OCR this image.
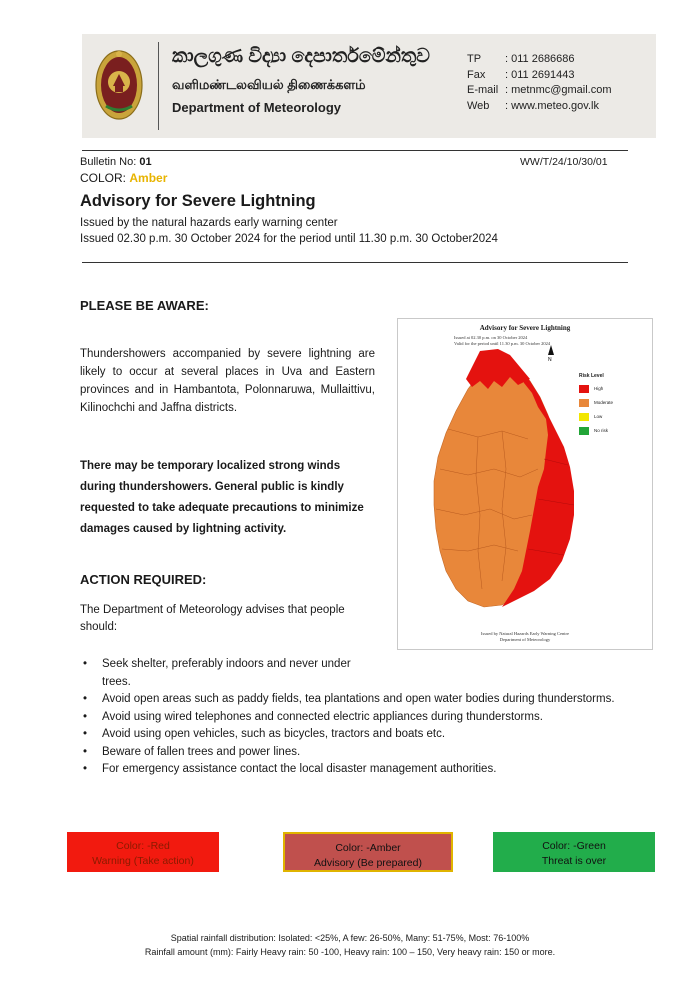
කාලගුණ විද්‍යා දෙපාර්තමේන්තුව
வளிமண்டலவியல் திணைக்களம்
Department of Meteorology
TP	: 011 2686686
Fax	: 011 2691443
E-mail : metnmc@gmail.com
Web	: www.meteo.gov.lk
Bulletin No: 01	WW/T/24/10/30/01
COLOR: Amber
Advisory for Severe Lightning
Issued by the natural hazards early warning center
Issued 02.30 p.m. 30 October 2024 for the period until 11.30 p.m. 30 October2024
PLEASE BE AWARE:
Thundershowers accompanied by severe lightning are likely to occur at several places in Uva and Eastern provinces and in Hambantota, Polonnaruwa, Mullaittivu, Kilinochchi and Jaffna districts.
There may be temporary localized strong winds during thundershowers. General public is kindly requested to take adequate precautions to minimize damages caused by lightning activity.
Advisory for Severe Lightning
Issued at 02.30 p.m. on 30 October 2024
Valid for the period until 11.30 p.m. 30 October 2024
N
Risk Level
High
Moderate
Low
No risk
Issued by Natural Hazards Early Warning Centre
Department of Meteorology
ACTION REQUIRED:
The Department of Meteorology advises that people should:
• Seek shelter, preferably indoors and never under trees.
• Avoid open areas such as paddy fields, tea plantations and open water bodies during thunderstorms.
• Avoid using wired telephones and connected electric appliances during thunderstorms.
• Avoid using open vehicles, such as bicycles, tractors and boats etc.
• Beware of fallen trees and power lines.
• For emergency assistance contact the local disaster management authorities.
Color: -Red
Warning (Take action)
Color: -Amber
Advisory (Be prepared)
Color: -Green
Threat is over
Spatial rainfall distribution: Isolated: <25%, A few: 26-50%, Many: 51-75%, Most: 76-100%
Rainfall amount (mm): Fairly Heavy rain: 50 -100, Heavy rain: 100 – 150, Very heavy rain: 150 or more.
